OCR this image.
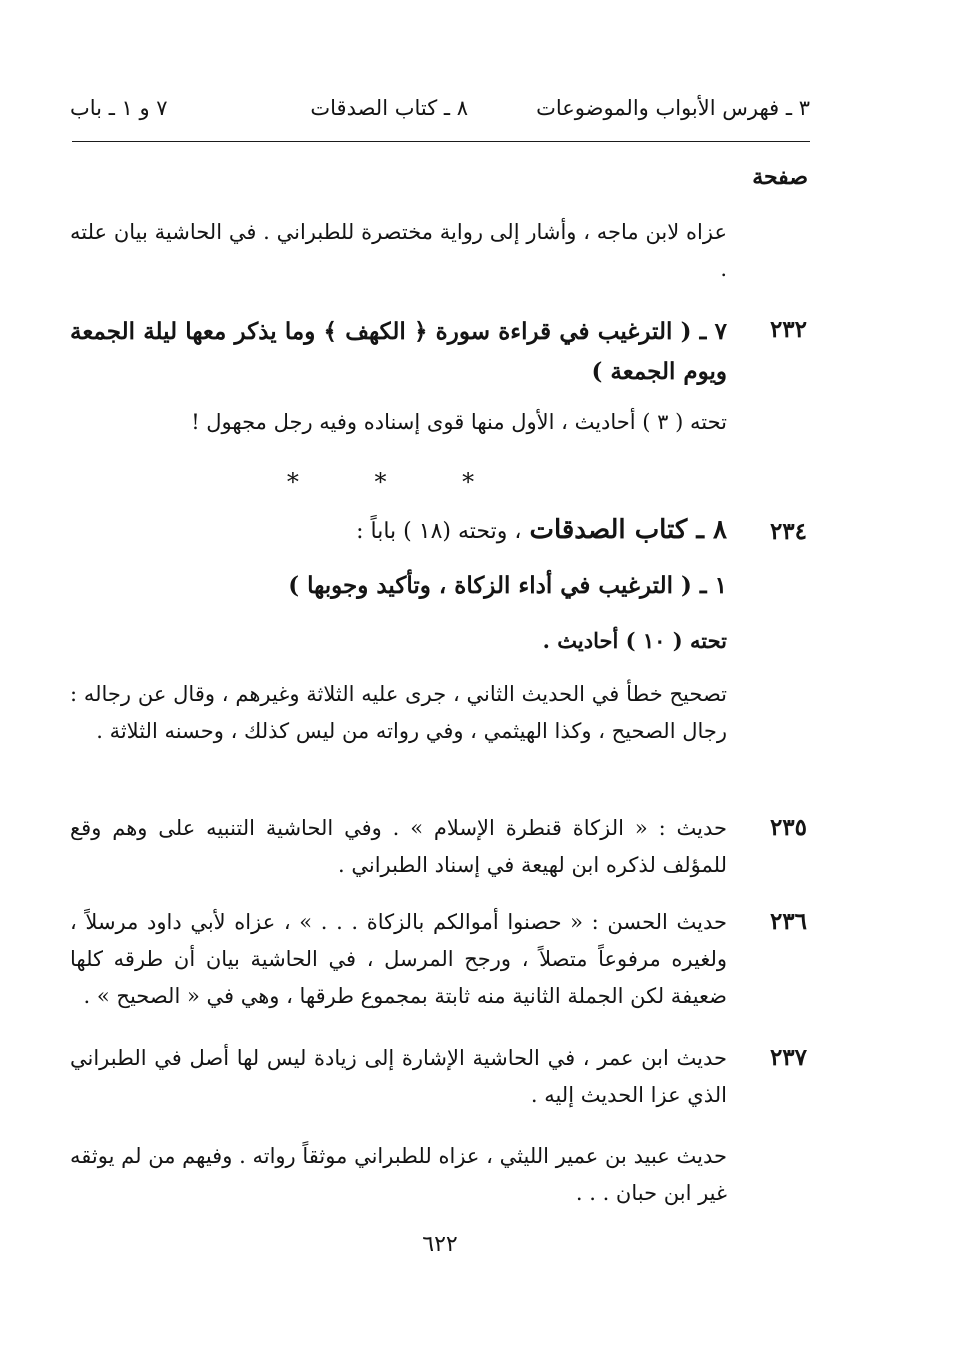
٣ ـ فهرس الأبواب والموضوعات
٨ ـ كتاب الصدقات
٧ و ١ ـ باب
صفحة
عزاه لابن ماجه ، وأشار إلى رواية مختصرة للطبراني . في الحاشية بيان علته .
٢٣٢
٧ ـ ( الترغيب في قراءة سورة ﴿ الكهف ﴾ وما يذكر معها ليلة الجمعة ويوم الجمعة )
تحته ( ٣ ) أحاديث ، الأول منها قوى إسناده وفيه رجل مجهول !
* * *
٢٣٤
٨ ـ كتاب الصدقات ، وتحته (١٨ ) باباً :
١ ـ ( الترغيب في أداء الزكاة ، وتأكيد وجوبها )
تحته ( ١٠ ) أحاديث .
تصحيح خطأ في الحديث الثاني ، جرى عليه الثلاثة وغيرهم ، وقال عن رجاله : رجال الصحيح ، وكذا الهيثمي ، وفي رواته من ليس كذلك ، وحسنه الثلاثة .
٢٣٥
حديث : « الزكاة قنطرة الإسلام » . وفي الحاشية التنبيه على وهم وقع للمؤلف لذكره ابن لهيعة في إسناد الطبراني .
٢٣٦
حديث الحسن : « حصنوا أموالكم بالزكاة . . . » ، عزاه لأبي داود مرسلاً ، ولغيره مرفوعاً متصلاً ، ورجح المرسل ، في الحاشية بيان أن طرقه كلها ضعيفة لكن الجملة الثانية منه ثابتة بمجموع طرقها ، وهي في « الصحيح » .
٢٣٧
حديث ابن عمر ، في الحاشية الإشارة إلى زيادة ليس لها أصل في الطبراني الذي عزا الحديث إليه .
حديث عبيد بن عمير الليثي ، عزاه للطبراني موثقاً رواته . وفيهم من لم يوثقه غير ابن حبان . . .
٦٢٢
